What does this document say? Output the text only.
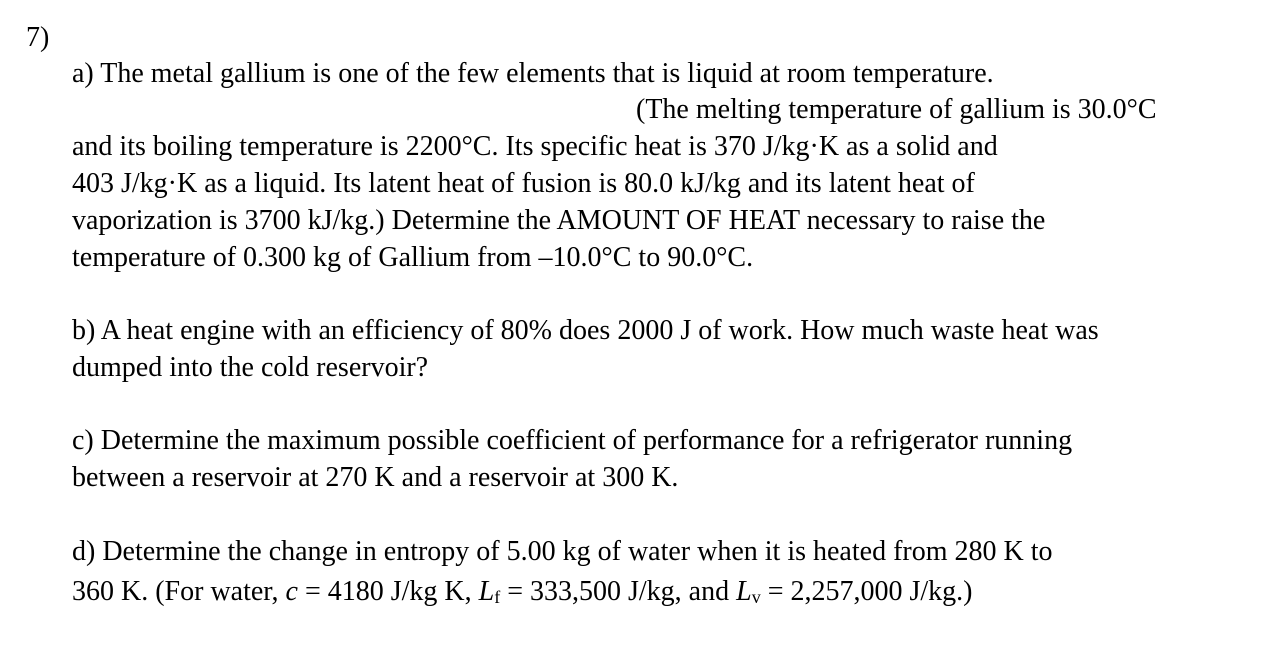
7)
a) The metal gallium is one of the few elements that is liquid at room temperature.
(The melting temperature of gallium is 30.0°C
and its boiling temperature is 2200°C. Its specific heat is 370 J/kg·K as a solid and
403 J/kg·K as a liquid. Its latent heat of fusion is 80.0 kJ/kg and its latent heat of
vaporization is 3700 kJ/kg.) Determine the AMOUNT OF HEAT necessary to raise the
temperature of 0.300 kg of Gallium from –10.0°C to 90.0°C.
b) A heat engine with an efficiency of 80% does 2000 J of work. How much waste heat was
dumped into the cold reservoir?
c) Determine the maximum possible coefficient of performance for a refrigerator running
between a reservoir at 270 K and a reservoir at 300 K.
d) Determine the change in entropy of 5.00 kg of water when it is heated from 280 K to
360 K. (For water, c = 4180 J/kg K, Lf = 333,500 J/kg, and Lv = 2,257,000 J/kg.)
